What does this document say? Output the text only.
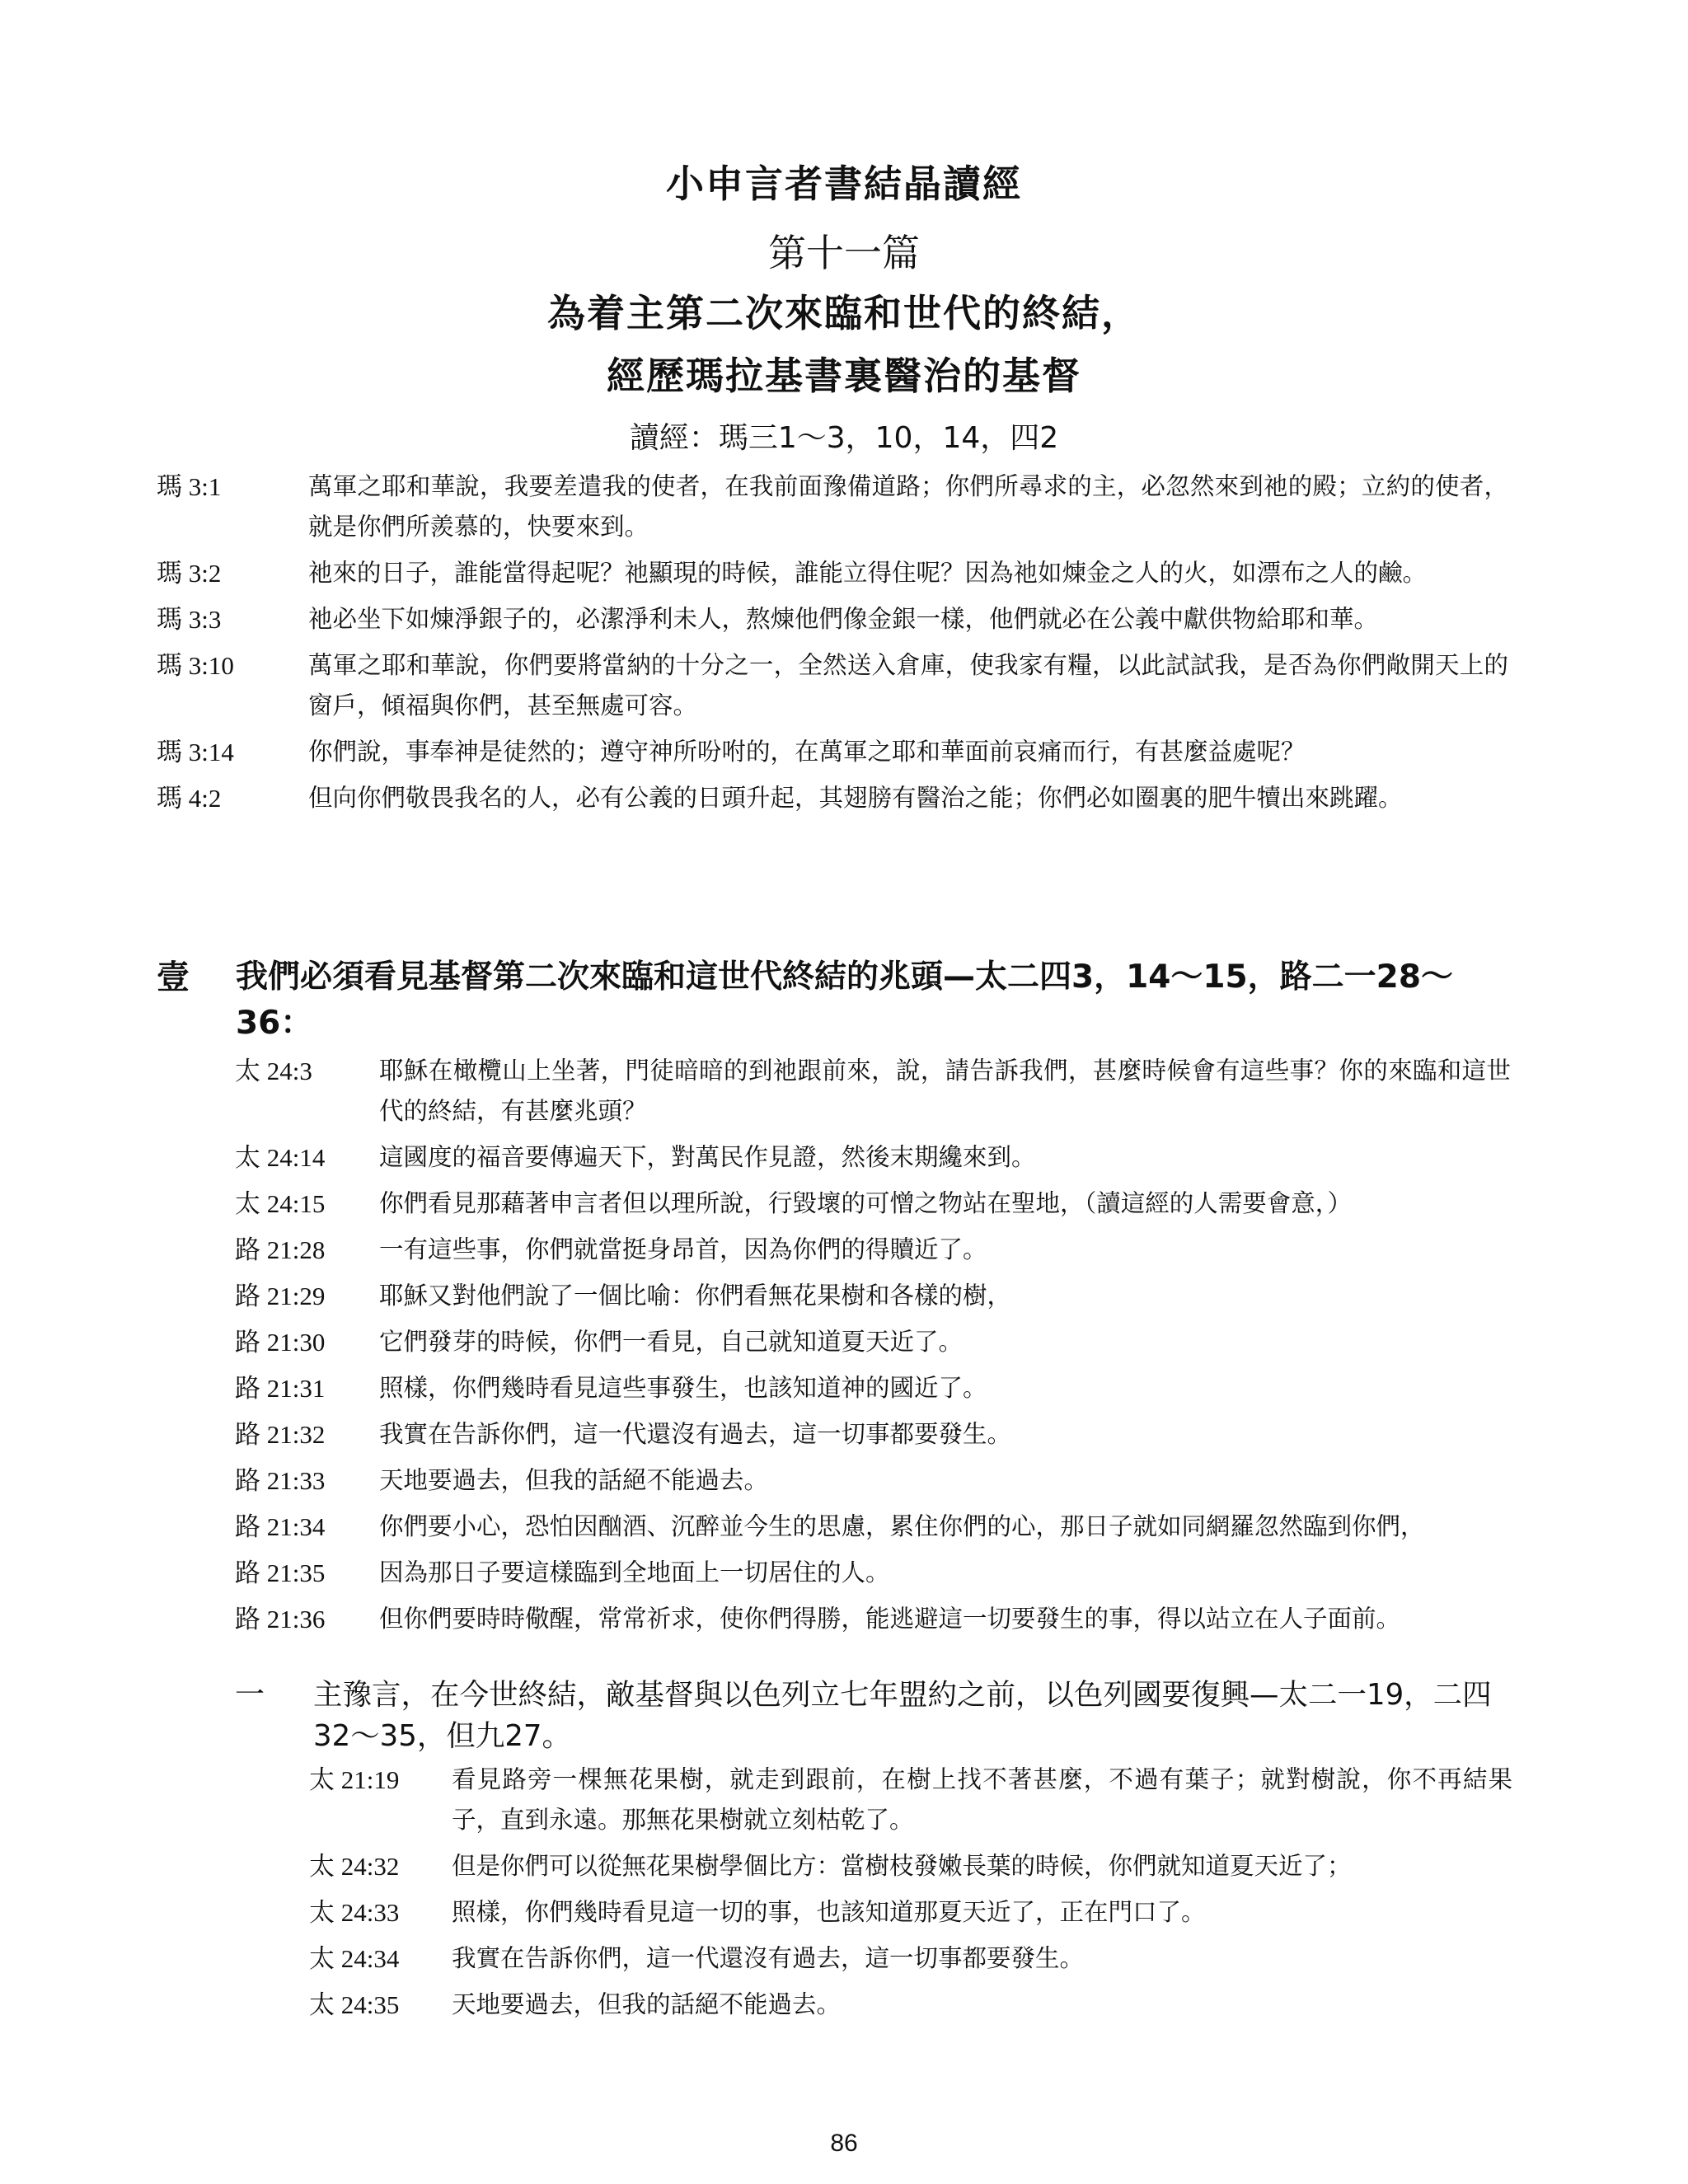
小申言者書結晶讀經
第十一篇
為着主第二次來臨和世代的終結，
經歷瑪拉基書裏醫治的基督
讀經：瑪三1～3，10，14，四2
瑪 3:1	萬軍之耶和華說，我要差遣我的使者，在我前面豫備道路；你們所尋求的主，必忽然來到祂的殿；立約的使者，就是你們所羨慕的，快要來到。
瑪 3:2	祂來的日子，誰能當得起呢？祂顯現的時候，誰能立得住呢？因為祂如煉金之人的火，如漂布之人的鹼。
瑪 3:3	祂必坐下如煉淨銀子的，必潔淨利未人，熬煉他們像金銀一樣，他們就必在公義中獻供物給耶和華。
瑪 3:10	萬軍之耶和華說，你們要將當納的十分之一，全然送入倉庫，使我家有糧，以此試試我，是否為你們敞開天上的窗戶，傾福與你們，甚至無處可容。
瑪 3:14	你們說，事奉神是徒然的；遵守神所吩咐的，在萬軍之耶和華面前哀痛而行，有甚麼益處呢？
瑪 4:2	但向你們敬畏我名的人，必有公義的日頭升起，其翅膀有醫治之能；你們必如圈裏的肥牛犢出來跳躍。
壹	我們必須看見基督第二次來臨和這世代終結的兆頭—太二四3，14～15，路二一28～36：
太 24:3	耶穌在橄欖山上坐著，門徒暗暗的到祂跟前來，說，請告訴我們，甚麼時候會有這些事？你的來臨和這世代的終結，有甚麼兆頭？
太 24:14	這國度的福音要傳遍天下，對萬民作見證，然後末期纔來到。
太 24:15	你們看見那藉著申言者但以理所說，行毀壞的可憎之物站在聖地，（讀這經的人需要會意，）
路 21:28	一有這些事，你們就當挺身昂首，因為你們的得贖近了。
路 21:29	耶穌又對他們說了一個比喻：你們看無花果樹和各樣的樹，
路 21:30	它們發芽的時候，你們一看見，自己就知道夏天近了。
路 21:31	照樣，你們幾時看見這些事發生，也該知道神的國近了。
路 21:32	我實在告訴你們，這一代還沒有過去，這一切事都要發生。
路 21:33	天地要過去，但我的話絕不能過去。
路 21:34	你們要小心，恐怕因酗酒、沉醉並今生的思慮，累住你們的心，那日子就如同網羅忽然臨到你們，
路 21:35	因為那日子要這樣臨到全地面上一切居住的人。
路 21:36	但你們要時時儆醒，常常祈求，使你們得勝，能逃避這一切要發生的事，得以站立在人子面前。
一	主豫言，在今世終結，敵基督與以色列立七年盟約之前，以色列國要復興—太二一19，二四32～35，但九27。
太 21:19	看見路旁一棵無花果樹，就走到跟前，在樹上找不著甚麼，不過有葉子；就對樹說，你不再結果子，直到永遠。那無花果樹就立刻枯乾了。
太 24:32	但是你們可以從無花果樹學個比方：當樹枝發嫩長葉的時候，你們就知道夏天近了；
太 24:33	照樣，你們幾時看見這一切的事，也該知道那夏天近了，正在門口了。
太 24:34	我實在告訴你們，這一代還沒有過去，這一切事都要發生。
太 24:35	天地要過去，但我的話絕不能過去。
86
